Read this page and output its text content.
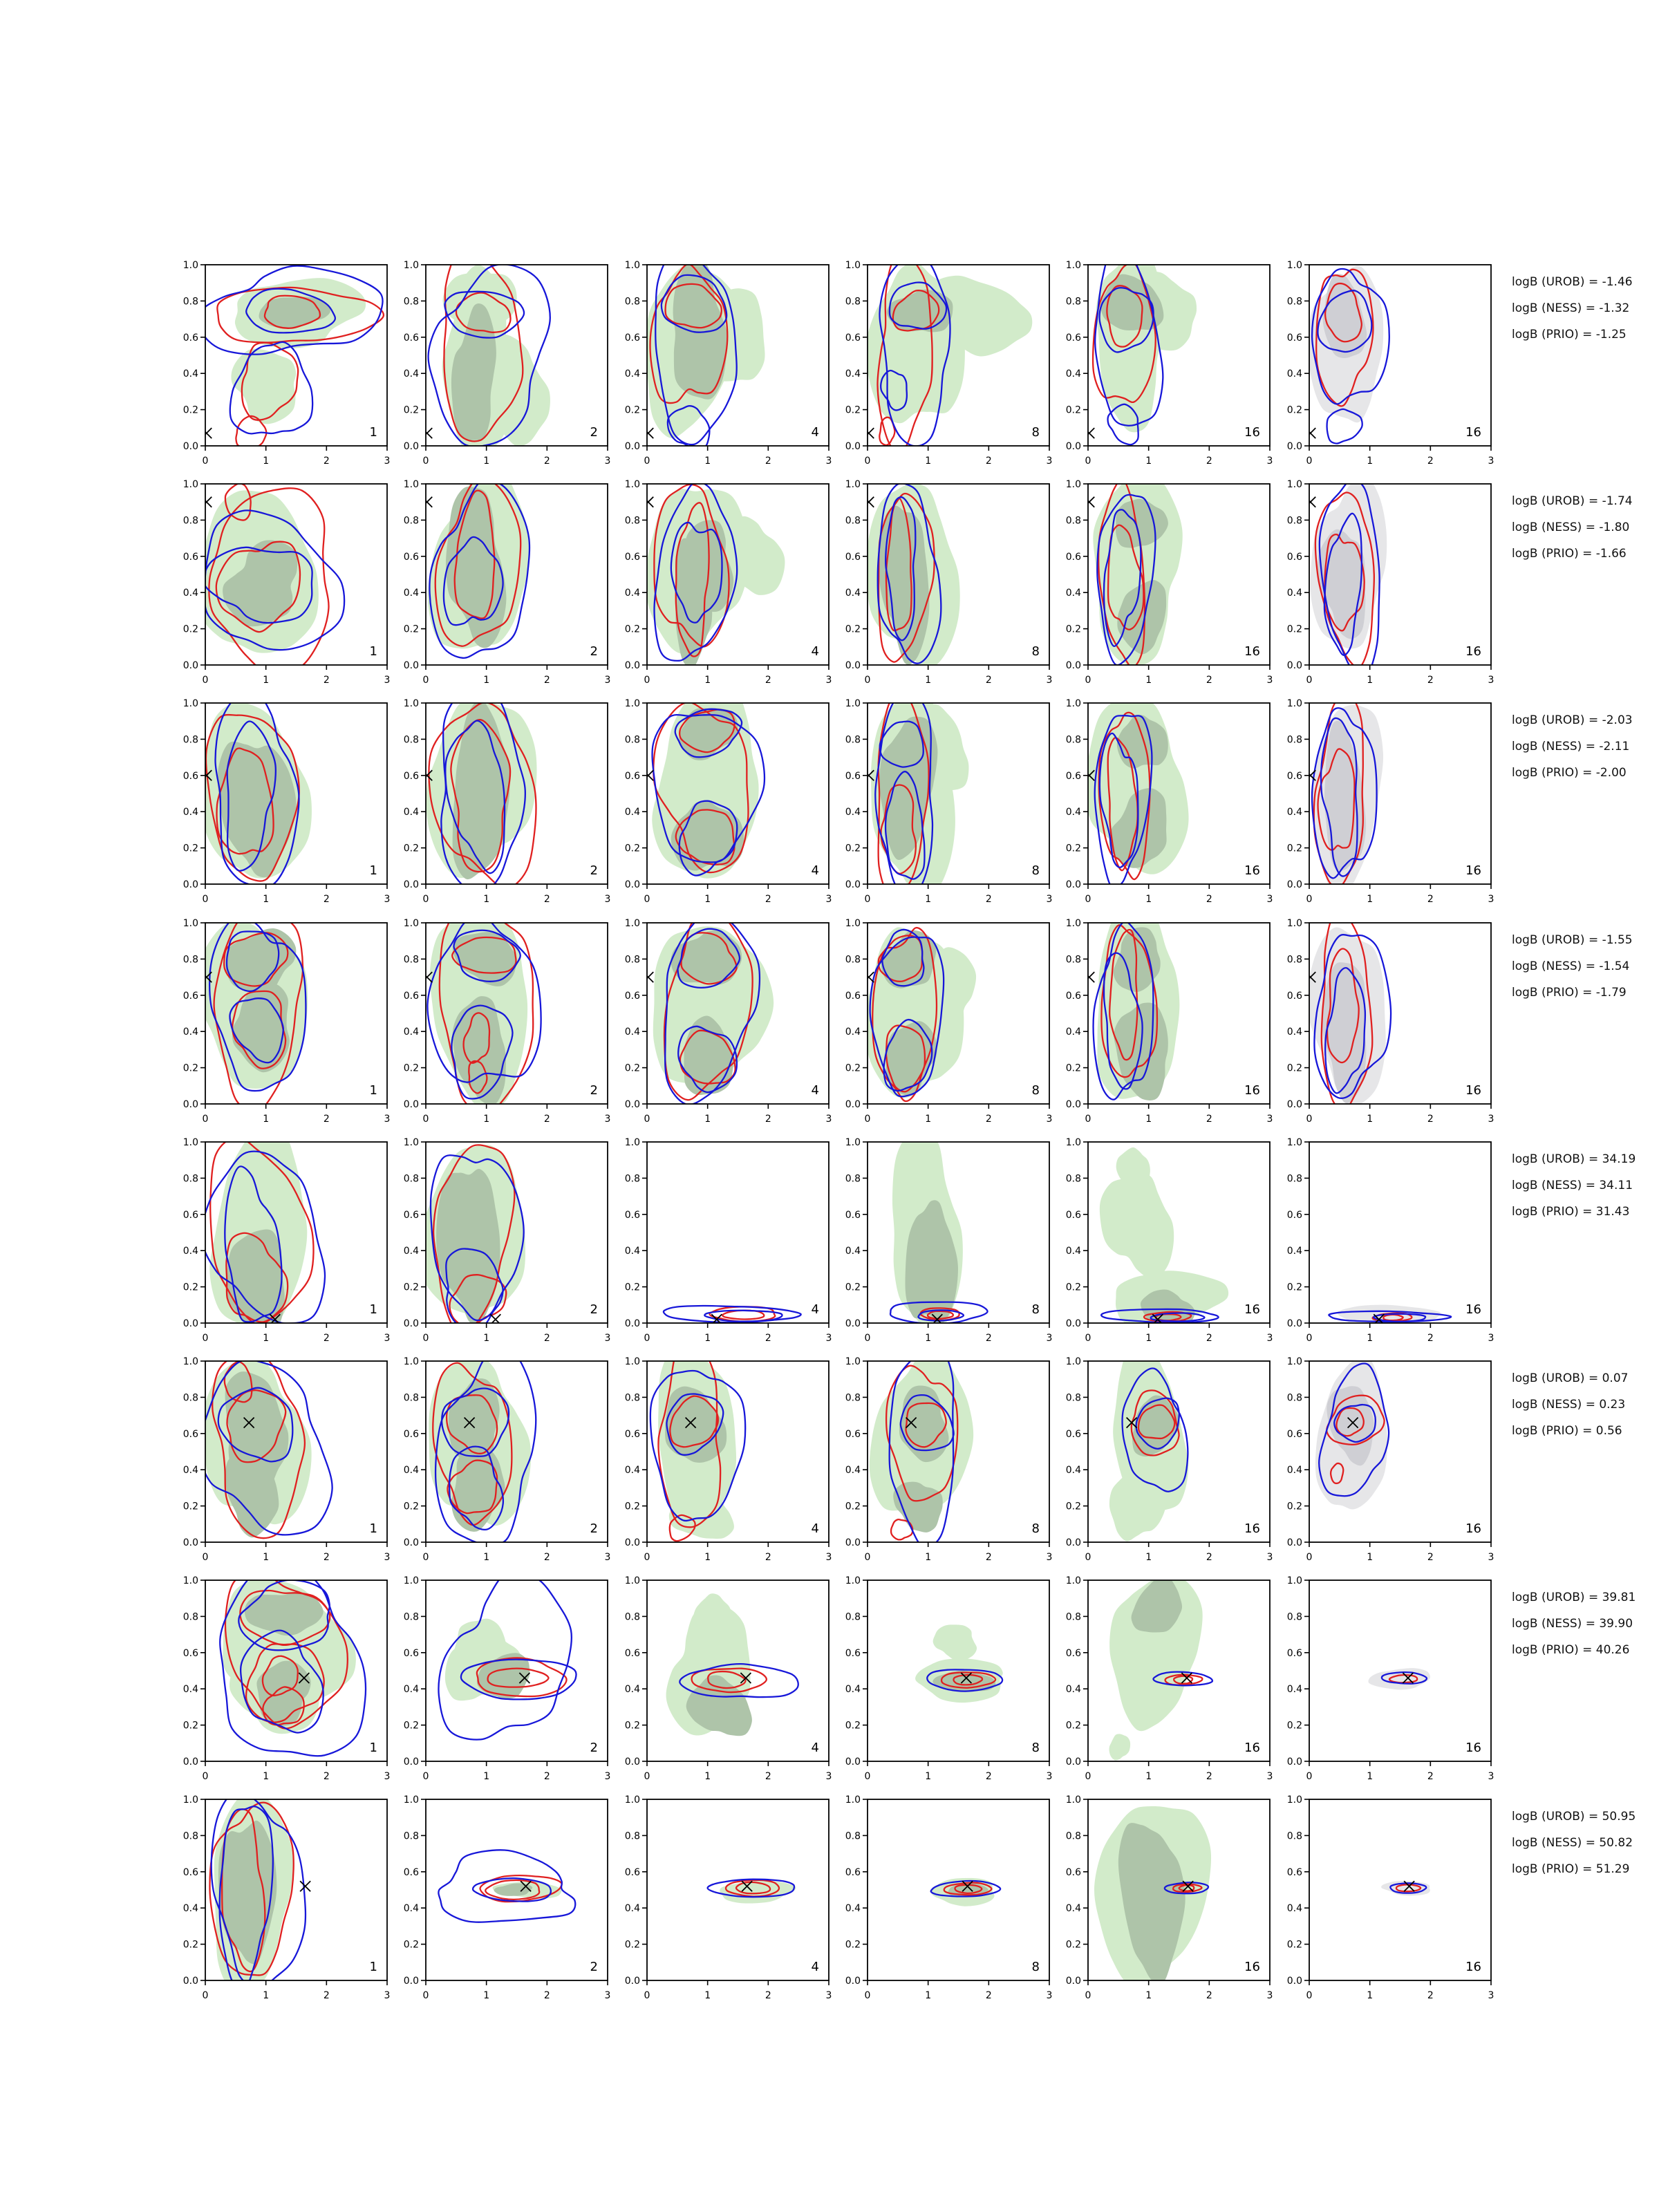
0	1	2	3
0.0
0.2
0.4
0.6
0.8
1.0
1
0	1	2	3
0.0
0.2
0.4
0.6
0.8
1.0
2
0	1	2	3
0.0
0.2
0.4
0.6
0.8
1.0
4
0	1	2	3
0.0
0.2
0.4
0.6
0.8
1.0
8
0	1	2	3
0.0
0.2
0.4
0.6
0.8
1.0
16
0	1	2	3
0.0
0.2
0.4
0.6
0.8
1.0
16
logB (UROB) = -1.46
logB (NESS) = -1.32
logB (PRIO) = -1.25
0	1	2	3
0.0
0.2
0.4
0.6
0.8
1.0
1
0	1	2	3
0.0
0.2
0.4
0.6
0.8
1.0
2
0	1	2	3
0.0
0.2
0.4
0.6
0.8
1.0
4
0	1	2	3
0.0
0.2
0.4
0.6
0.8
1.0
8
0	1	2	3
0.0
0.2
0.4
0.6
0.8
1.0
16
0	1	2	3
0.0
0.2
0.4
0.6
0.8
1.0
16
logB (UROB) = -1.74
logB (NESS) = -1.80
logB (PRIO) = -1.66
0	1	2	3
0.0
0.2
0.4
0.6
0.8
1.0
1
0	1	2	3
0.0
0.2
0.4
0.6
0.8
1.0
2
0	1	2	3
0.0
0.2
0.4
0.6
0.8
1.0
4
0	1	2	3
0.0
0.2
0.4
0.6
0.8
1.0
8
0	1	2	3
0.0
0.2
0.4
0.6
0.8
1.0
16
0	1	2	3
0.0
0.2
0.4
0.6
0.8
1.0
16
logB (UROB) = -2.03
logB (NESS) = -2.11
logB (PRIO) = -2.00
0	1	2	3
0.0
0.2
0.4
0.6
0.8
1.0
1
0	1	2	3
0.0
0.2
0.4
0.6
0.8
1.0
2
0	1	2	3
0.0
0.2
0.4
0.6
0.8
1.0
4
0	1	2	3
0.0
0.2
0.4
0.6
0.8
1.0
8
0	1	2	3
0.0
0.2
0.4
0.6
0.8
1.0
16
0	1	2	3
0.0
0.2
0.4
0.6
0.8
1.0
16
logB (UROB) = -1.55
logB (NESS) = -1.54
logB (PRIO) = -1.79
0	1	2	3
0.0
0.2
0.4
0.6
0.8
1.0
1
0	1	2	3
0.0
0.2
0.4
0.6
0.8
1.0
2
0	1	2	3
0.0
0.2
0.4
0.6
0.8
1.0
4
0	1	2	3
0.0
0.2
0.4
0.6
0.8
1.0
8
0	1	2	3
0.0
0.2
0.4
0.6
0.8
1.0
16
0	1	2	3
0.0
0.2
0.4
0.6
0.8
1.0
16
logB (UROB) = 34.19
logB (NESS) = 34.11
logB (PRIO) = 31.43
0	1	2	3
0.0
0.2
0.4
0.6
0.8
1.0
1
0	1	2	3
0.0
0.2
0.4
0.6
0.8
1.0
2
0	1	2	3
0.0
0.2
0.4
0.6
0.8
1.0
4
0	1	2	3
0.0
0.2
0.4
0.6
0.8
1.0
8
0	1	2	3
0.0
0.2
0.4
0.6
0.8
1.0
16
0	1	2	3
0.0
0.2
0.4
0.6
0.8
1.0
16
logB (UROB) = 0.07
logB (NESS) = 0.23
logB (PRIO) = 0.56
0	1	2	3
0.0
0.2
0.4
0.6
0.8
1.0
1
0	1	2	3
0.0
0.2
0.4
0.6
0.8
1.0
2
0	1	2	3
0.0
0.2
0.4
0.6
0.8
1.0
4
0	1	2	3
0.0
0.2
0.4
0.6
0.8
1.0
8
0	1	2	3
0.0
0.2
0.4
0.6
0.8
1.0
16
0	1	2	3
0.0
0.2
0.4
0.6
0.8
1.0
16
logB (UROB) = 39.81
logB (NESS) = 39.90
logB (PRIO) = 40.26
0	1	2	3
0.0
0.2
0.4
0.6
0.8
1.0
1
0	1	2	3
0.0
0.2
0.4
0.6
0.8
1.0
2
0	1	2	3
0.0
0.2
0.4
0.6
0.8
1.0
4
0	1	2	3
0.0
0.2
0.4
0.6
0.8
1.0
8
0	1	2	3
0.0
0.2
0.4
0.6
0.8
1.0
16
0	1	2	3
0.0
0.2
0.4
0.6
0.8
1.0
16
logB (UROB) = 50.95
logB (NESS) = 50.82
logB (PRIO) = 51.29
